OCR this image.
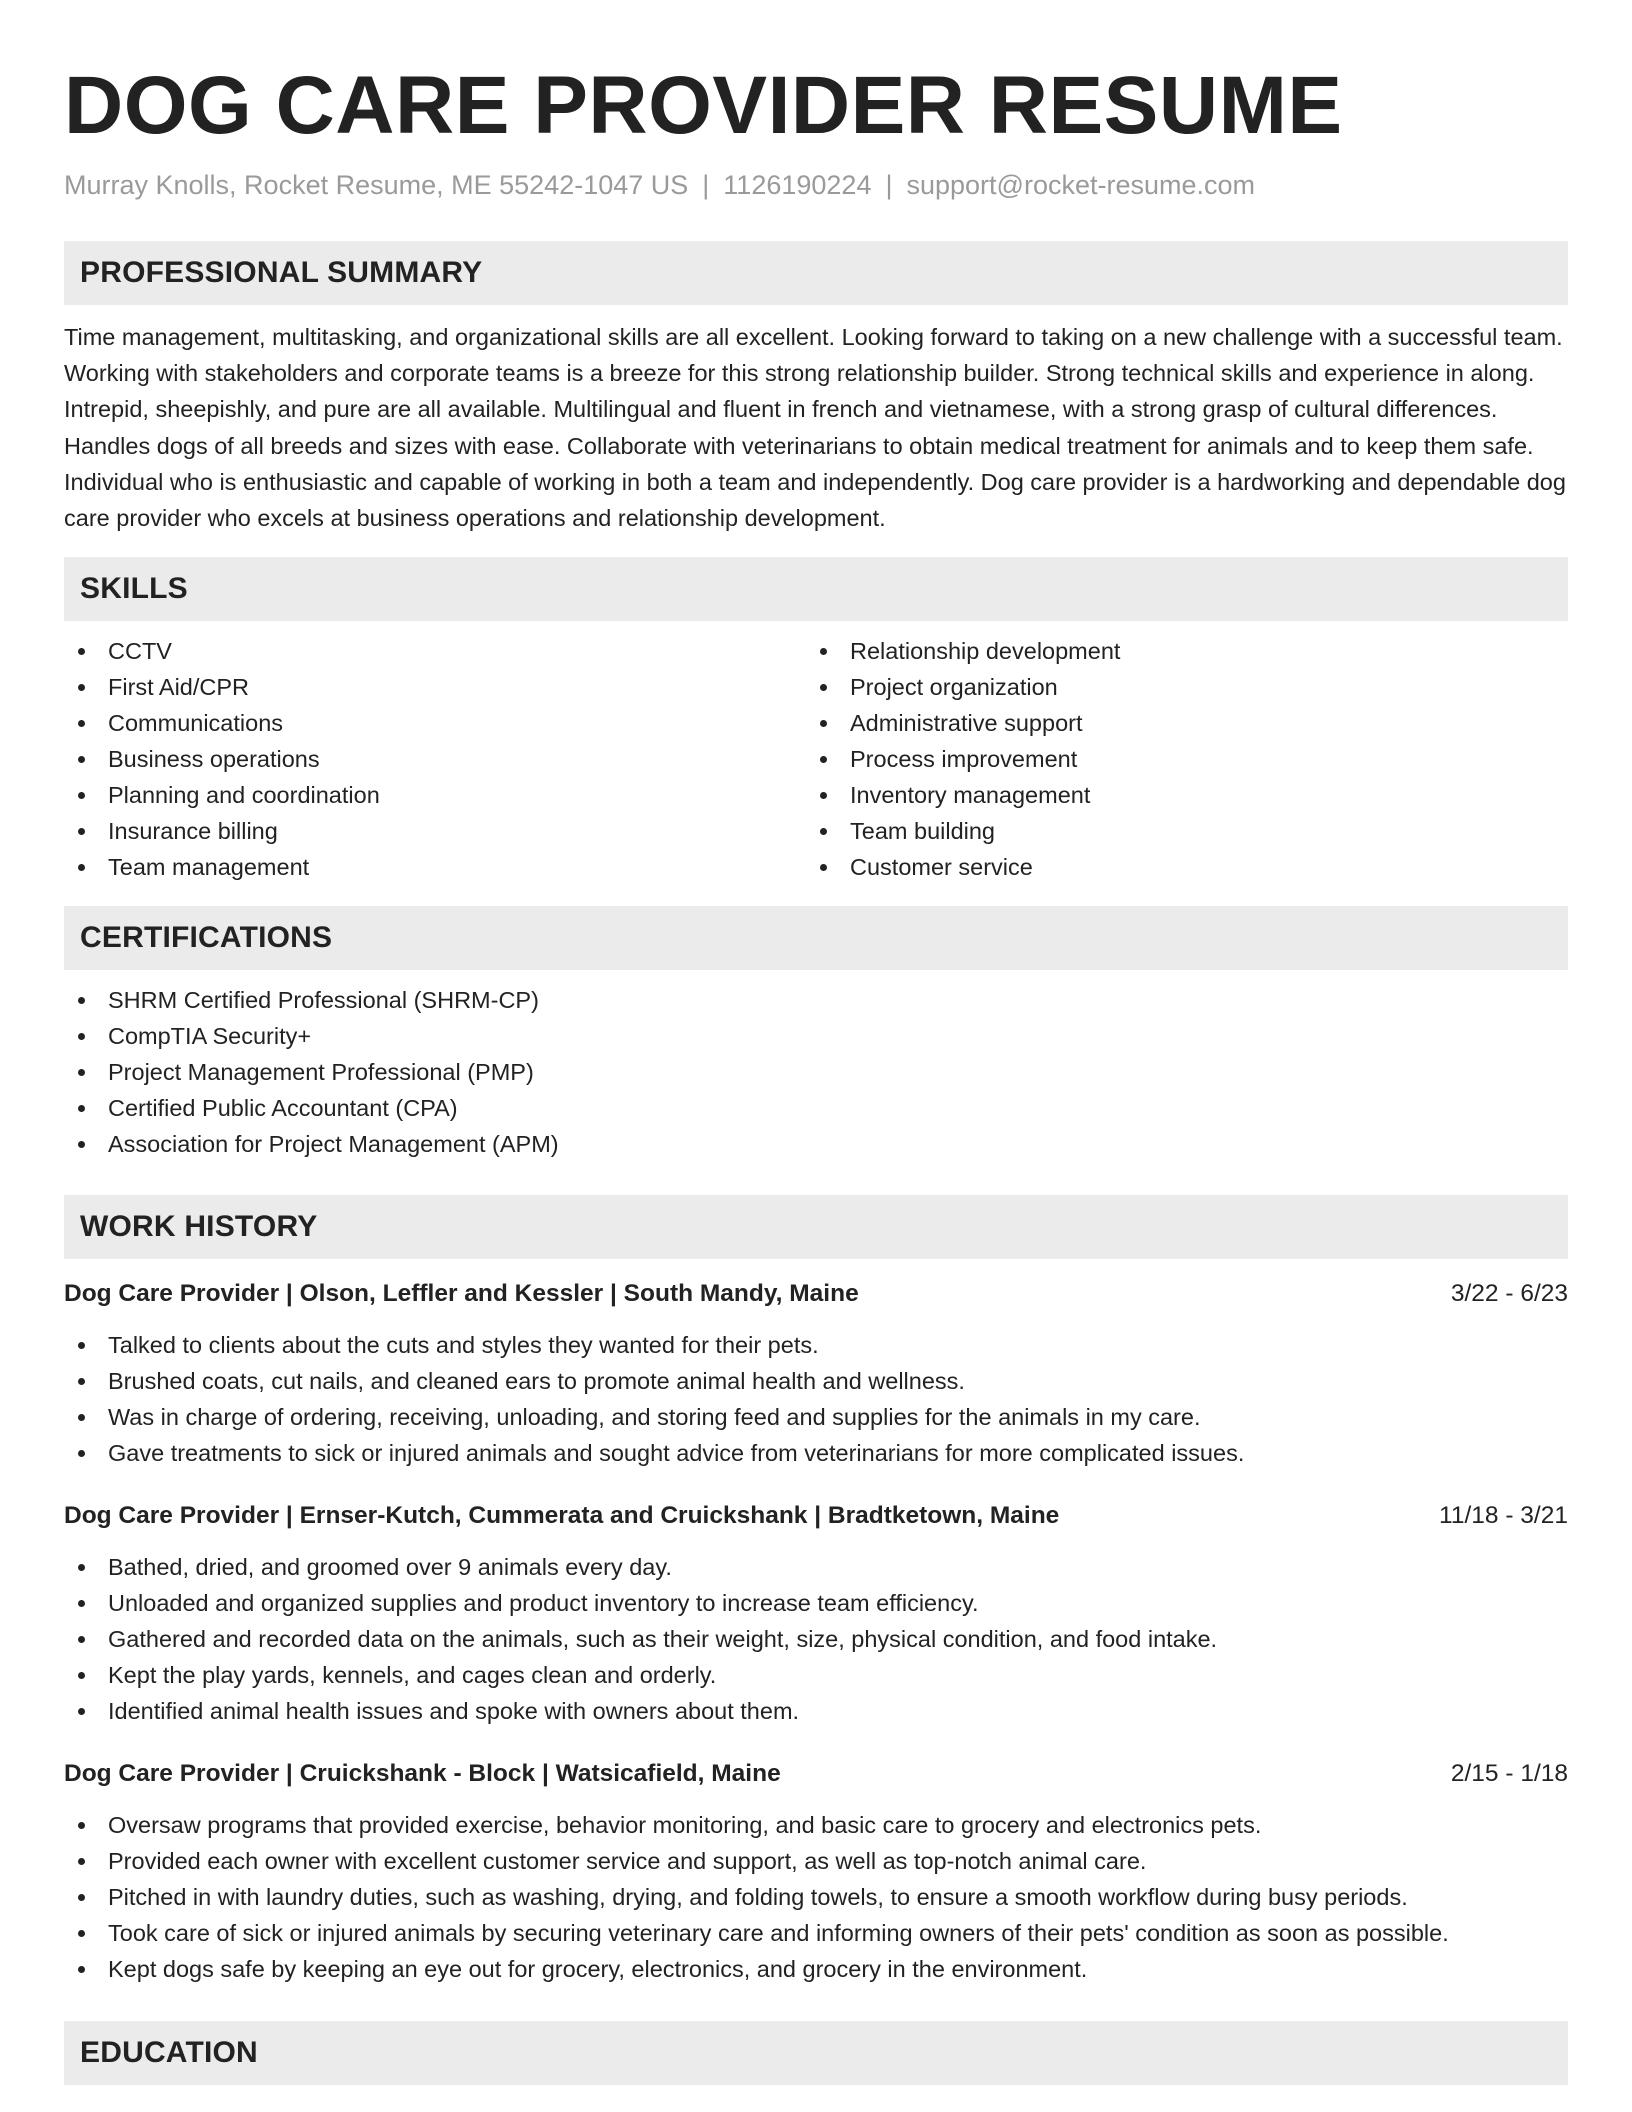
DOG CARE PROVIDER RESUME
Murray Knolls, Rocket Resume, ME 55242-1047 US | 1126190224 | support@rocket-resume.com
PROFESSIONAL SUMMARY

Time management, multitasking, and organizational skills are all excellent. Looking forward to taking on a new challenge with a successful team. Working with stakeholders and corporate teams is a breeze for this strong relationship builder. Strong technical skills and experience in along. Intrepid, sheepishly, and pure are all available. Multilingual and fluent in french and vietnamese, with a strong grasp of cultural differences. Handles dogs of all breeds and sizes with ease. Collaborate with veterinarians to obtain medical treatment for animals and to keep them safe. Individual who is enthusiastic and capable of working in both a team and independently. Dog care provider is a hardworking and dependable dog care provider who excels at business operations and relationship development.

SKILLS
CCTV
First Aid/CPR
Communications
Business operations
Planning and coordination
Insurance billing
Team management
Relationship development
Project organization
Administrative support
Process improvement
Inventory management
Team building
Customer service
CERTIFICATIONS
SHRM Certified Professional (SHRM-CP)
CompTIA Security+
Project Management Professional (PMP)
Certified Public Accountant (CPA)
Association for Project Management (APM)
WORK HISTORY
Dog Care Provider | Olson, Leffler and Kessler | South Mandy, Maine	3/22 - 6/23
Talked to clients about the cuts and styles they wanted for their pets.
Brushed coats, cut nails, and cleaned ears to promote animal health and wellness.
Was in charge of ordering, receiving, unloading, and storing feed and supplies for the animals in my care.
Gave treatments to sick or injured animals and sought advice from veterinarians for more complicated issues.
Dog Care Provider | Ernser-Kutch, Cummerata and Cruickshank | Bradtketown, Maine	11/18 - 3/21
Bathed, dried, and groomed over 9 animals every day.
Unloaded and organized supplies and product inventory to increase team efficiency.
Gathered and recorded data on the animals, such as their weight, size, physical condition, and food intake.
Kept the play yards, kennels, and cages clean and orderly.
Identified animal health issues and spoke with owners about them.
Dog Care Provider | Cruickshank - Block | Watsicafield, Maine	2/15 - 1/18
Oversaw programs that provided exercise, behavior monitoring, and basic care to grocery and electronics pets.
Provided each owner with excellent customer service and support, as well as top-notch animal care.
Pitched in with laundry duties, such as washing, drying, and folding towels, to ensure a smooth workflow during busy periods.
Took care of sick or injured animals by securing veterinary care and informing owners of their pets' condition as soon as possible.
Kept dogs safe by keeping an eye out for grocery, electronics, and grocery in the environment.
EDUCATION
